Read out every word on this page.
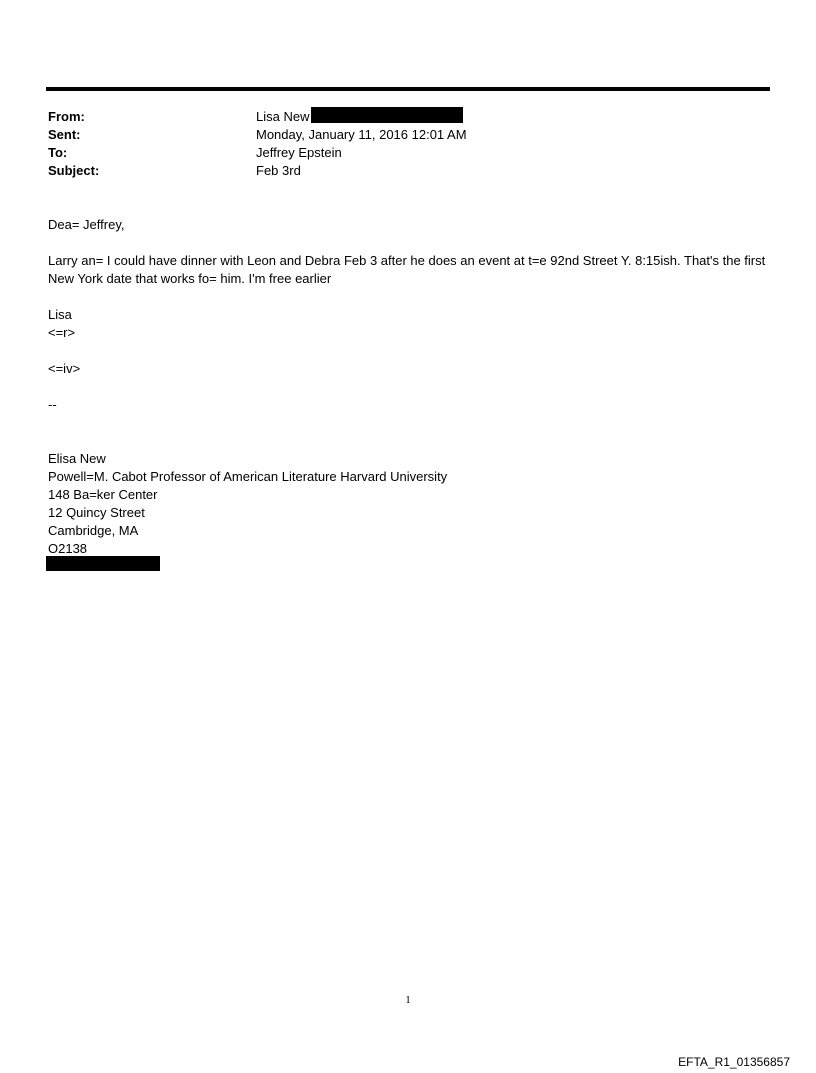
From:
Sent:
To:
Subject:
Lisa New
Monday, January 11, 2016 12:01 AM
Jeffrey Epstein
Feb 3rd
Dea= Jeffrey,
Larry an= I could have dinner with Leon and Debra Feb 3 after he does an event at t=e 92nd Street Y. 8:15ish. That's the first New York date that works fo= him. I'm free earlier
Lisa
<=r>
<=iv>
--
Elisa New
Powell=M. Cabot Professor of American Literature Harvard University
148 Ba=ker Center
12 Quincy Street
Cambridge, MA
O2138
1
EFTA_R1_01356857
